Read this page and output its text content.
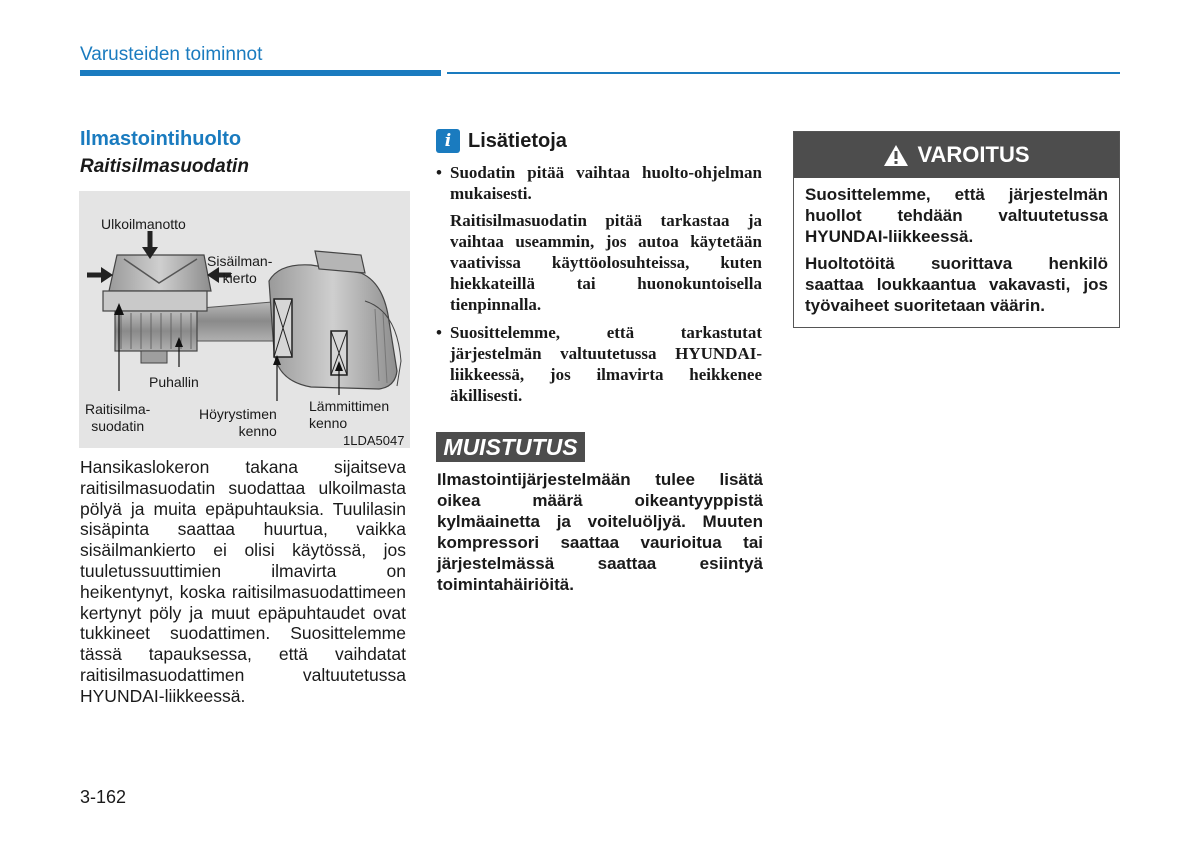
Varusteiden toiminnot
Ilmastointihuolto
Raitisilmasuodatin
Ulkoilmanotto
Sisäilman-
kierto
Puhallin
Raitisilma-
suodatin
Höyrystimen
kenno
Lämmittimen
kenno
1LDA5047
Hansikaslokeron takana sijaitseva raitisilmasuodatin suodattaa ulkoilmasta pölyä ja muita epäpuhtauksia. Tuulilasin sisäpinta saattaa huurtua, vaikka sisäilmankierto ei olisi käytössä, jos tuuletussuuttimien ilmavirta on heikentynyt, koska raitisilmasuodattimeen kertynyt pöly ja muut epäpuhtaudet ovat tukkineet suodattimen. Suosittelemme tässä tapauksessa, että vaihdatat raitisilmasuodattimen valtuutetussa HYUNDAI-liikkeessä.
3-162
i Lisätietoja
• Suodatin pitää vaihtaa huolto-ohjelman mukaisesti.
Raitisilmasuodatin pitää tarkastaa ja vaihtaa useammin, jos autoa käytetään vaativissa käyttöolosuhteissa, kuten hiekkateillä tai huonokuntoisella tienpinnalla.
• Suosittelemme, että tarkastutat järjestelmän valtuutetussa HYUNDAI-liikkeessä, jos ilmavirta heikkenee äkillisesti.
MUISTUTUS
Ilmastointijärjestelmään tulee lisätä oikea määrä oikeantyyppistä kylmäainetta ja voiteluöljyä. Muuten kompressori saattaa vaurioitua tai järjestelmässä saattaa esiintyä toimintahäiriöitä.
VAROITUS
Suosittelemme, että järjestelmän huollot tehdään valtuutetussa HYUNDAI-liikkeessä.
Huoltotöitä suorittava henkilö saattaa loukkaantua vakavasti, jos työvaiheet suoritetaan väärin.
